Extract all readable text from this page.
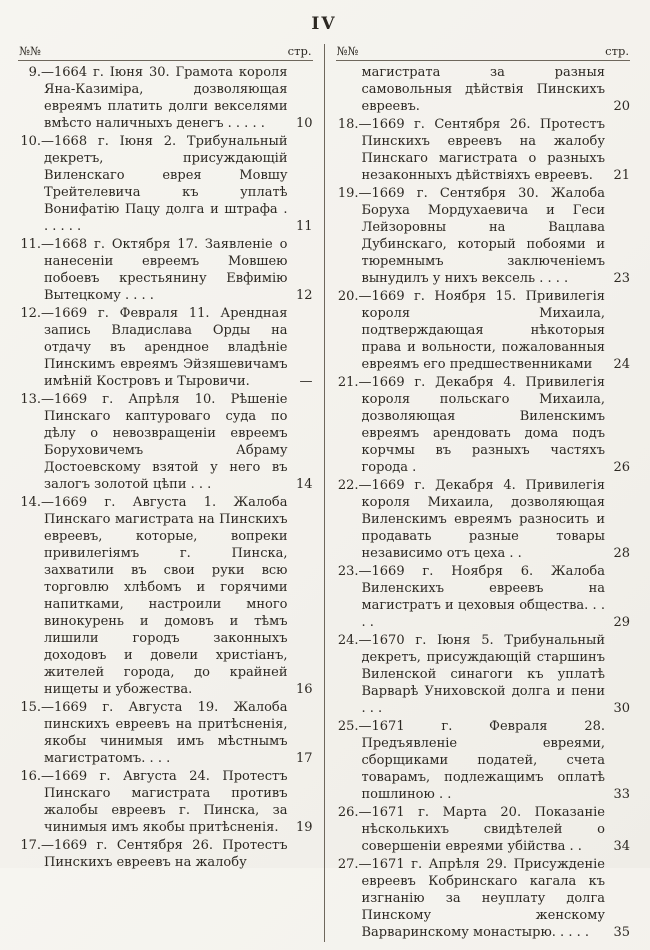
IV
№№	стр.
9.—1664 г. Іюня 30. Грамота короля Яна-Казиміра, дозволяющая евреямъ платить долги векселями вмѣсто наличныхъ денегъ . . . . . 10
10.—1668 г. Іюня 2. Трибунальный декретъ, присуждающій Виленскаго еврея Мовшу Трейтелевича къ уплатѣ Вонифатію Пацу долга и штрафа . . . . . .	11
11.—1668 г. Октября 17. Заявленіе о нанесеніи евреемъ Мовшею побоевъ крестьянину Евфимію Вытецкому . . . .	12
12.—1669 г. Февраля 11. Арендная запись Владислава Орды на отдачу въ арендное владѣніе Пинскимъ евреямъ Эйзяшевичамъ имѣній Костровъ и Тыровичи.	—
13.—1669 г. Апрѣля 10. Рѣшеніе Пинскаго каптуроваго суда по дѣлу о невозвращеніи евреемъ Боруховичемъ Абраму Достоевскому взятой у него въ залогъ золотой цѣпи . . .	14
14.—1669 г. Августа 1. Жалоба Пинскаго магистрата на Пинскихъ евреевъ, которые, вопреки привилегіямъ г. Пинска, захватили въ свои руки всю торговлю хлѣбомъ и горячими напитками, настроили много винокурень и домовъ и тѣмъ лишили городъ законныхъ доходовъ и довели христіанъ, жителей города, до крайней нищеты и убожества.	16
15.—1669 г. Августа 19. Жалоба пинскихъ евреевъ на притѣсненія, якобы чинимыя имъ мѣстнымъ магистратомъ. . . .	17
16.—1669 г. Августа 24. Протестъ Пинскаго магистрата противъ жалобы евреевъ г. Пинска, за чинимыя имъ якобы притѣсненія. 19
17.—1669 г. Сентября 26. Протестъ Пинскихъ евреевъ на жалобу
№№	стр.
магистрата за разныя самовольныя дѣйствія Пинскихъ евреевъ.	20
18.—1669 г. Сентября 26. Протестъ Пинскихъ евреевъ на жалобу Пинскаго магистрата о разныхъ незаконныхъ дѣйствіяхъ евреевъ. 21
19.—1669 г. Сентября 30. Жалоба Боруха Мордухаевича и Геси Лейзоровны на Вацлава Дубинскаго, который побоями и тюремнымъ заключеніемъ вынудилъ у нихъ вексель . . . .	23
20.—1669 г. Ноября 15. Привилегія короля Михаила, подтверждающая нѣкоторыя права и вольности, пожалованныя евреямъ его предшественниками 24
21.—1669 г. Декабря 4. Привилегія короля польскаго Михаила, дозволяющая Виленскимъ евреямъ арендовать дома подъ корчмы въ разныхъ частяхъ города .	26
22.—1669 г. Декабря 4. Привилегія короля Михаила, дозволяющая Виленскимъ евреямъ разносить и продавать разные товары независимо отъ цеха . .	28
23.—1669 г. Ноября 6. Жалоба Виленскихъ евреевъ на магистратъ и цеховыя общества. . . . .	29
24.—1670 г. Іюня 5. Трибунальный декретъ, присуждающій старшинъ Виленской синагоги къ уплатѣ Варварѣ Униховской долга и пени . . .	30
25.—1671 г. Февраля 28. Предъявленіе евреями, сборщиками податей, счета товарамъ, подлежащимъ оплатѣ пошлиною . .	33
26.—1671 г. Марта 20. Показаніе нѣсколькихъ свидѣтелей о совершеніи евреями убійства . . 34
27.—1671 г. Апрѣля 29. Присужденіе евреевъ Кобринскаго кагала къ изгнанію за неуплату долга Пинскому женскому Варваринскому монастырю. . . . . 35
